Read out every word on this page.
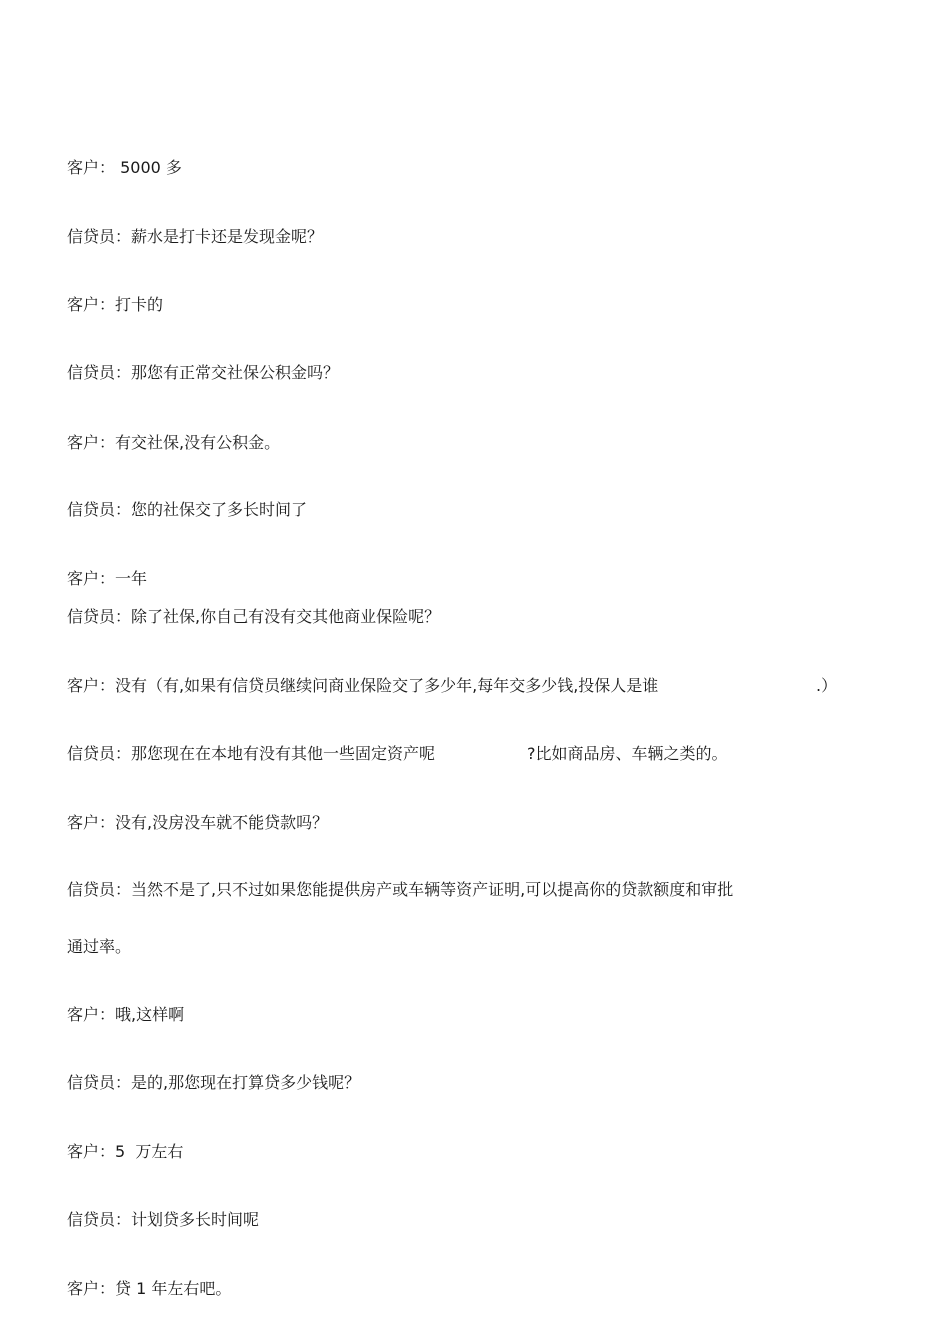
客户： 5000 多
信贷员：薪水是打卡还是发现金呢？
客户：打卡的
信贷员：那您有正常交社保公积金吗？
客户：有交社保,没有公积金。
信贷员：您的社保交了多长时间了
客户：一年
信贷员：除了社保,你自己有没有交其他商业保险呢？
客户：没有（有,如果有信贷员继续问商业保险交了多少年,每年交多少钱,投保人是谁	.）
信贷员：那您现在在本地有没有其他一些固定资产呢	?比如商品房、车辆之类的。
客户：没有,没房没车就不能贷款吗？
信贷员：当然不是了,只不过如果您能提供房产或车辆等资产证明,可以提高你的贷款额度和审批
通过率。
客户：哦,这样啊
信贷员：是的,那您现在打算贷多少钱呢？
客户：5  万左右
信贷员：计划贷多长时间呢
客户：贷 1 年左右吧。
